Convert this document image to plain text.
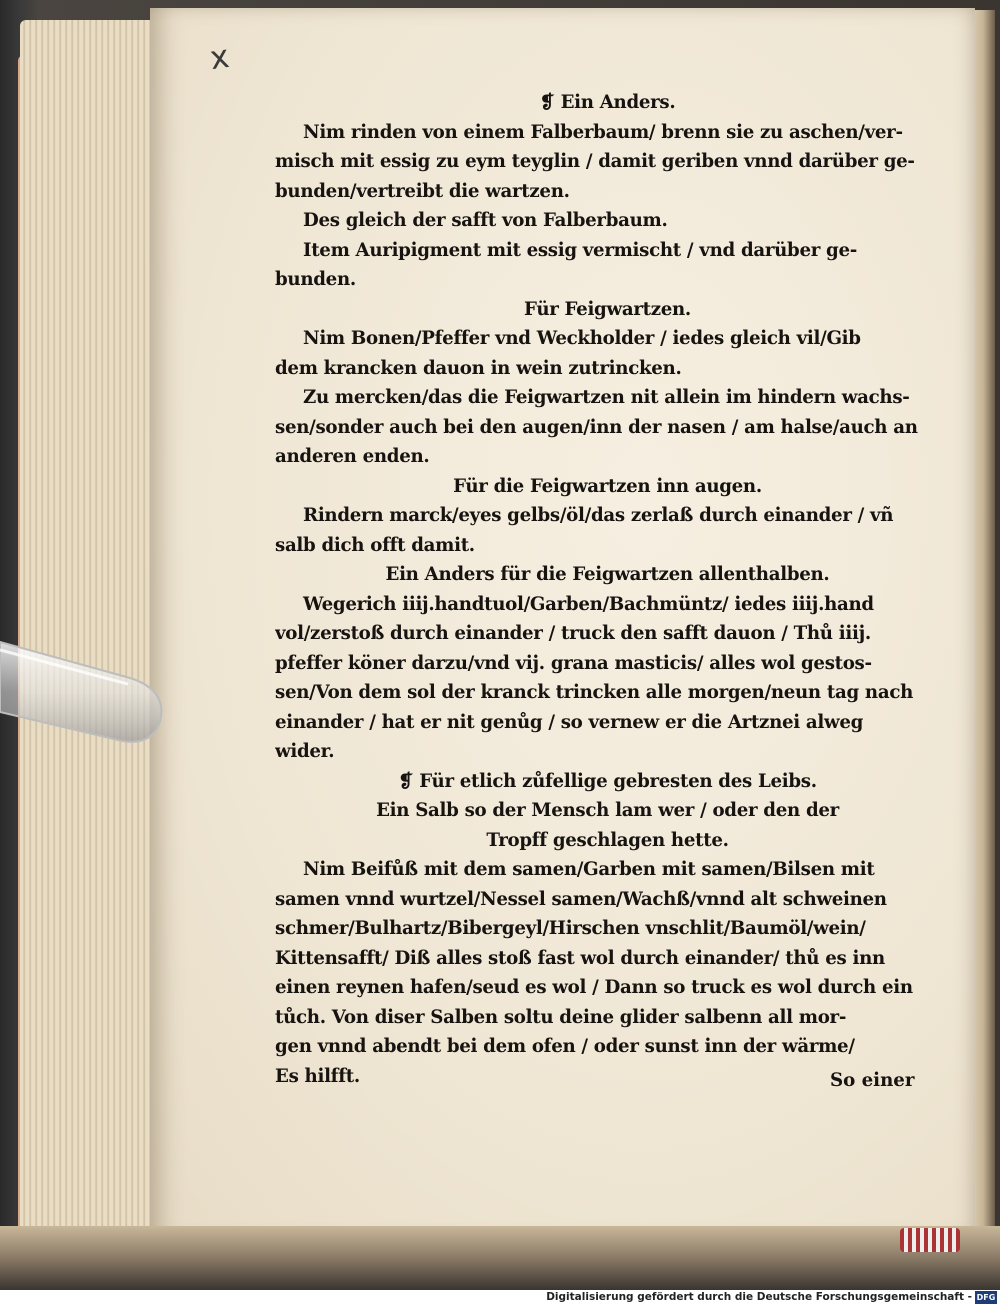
x
❡ Ein Anders.
Nim rinden von einem Falberbaum/ brenn sie zu aschen/ver-
misch mit essig zu eym teyglin / damit geriben vnnd darüber ge-
bunden/vertreibt die wartzen.
Des gleich der safft von Falberbaum.
Item Auripigment mit essig vermischt / vnd darüber ge-
bunden.
Für Feigwartzen.
Nim Bonen/Pfeffer vnd Weckholder / iedes gleich vil/Gib
dem krancken dauon in wein zutrincken.
Zu mercken/das die Feigwartzen nit allein im hindern wachs-
sen/sonder auch bei den augen/inn der nasen / am halse/auch an
anderen enden.
Für die Feigwartzen inn augen.
Rindern marck/eyes gelbs/öl/das zerlaß durch einander / vñ
salb dich offt damit.
Ein Anders für die Feigwartzen allenthalben.
Wegerich iiij.handtuol/Garben/Bachmüntz/ iedes iiij.hand
vol/zerstoß durch einander / truck den safft dauon / Thů iiij.
pfeffer köner darzu/vnd vij. grana masticis/ alles wol gestos-
sen/Von dem sol der kranck trincken alle morgen/neun tag nach
einander / hat er nit genůg / so vernew er die Artznei alweg
wider.
❡ Für etlich zůfellige gebresten des Leibs.
Ein Salb so der Mensch lam wer / oder den der
Tropff geschlagen hette.
Nim Beifůß mit dem samen/Garben mit samen/Bilsen mit
samen vnnd wurtzel/Nessel samen/Wachß/vnnd alt schweinen
schmer/Bulhartz/Bibergeyl/Hirschen vnschlit/Baumöl/wein/
Kittensafft/ Diß alles stoß fast wol durch einander/ thů es inn
einen reynen hafen/seud es wol / Dann so truck es wol durch ein
tůch. Von diser Salben soltu deine glider salbenn all mor-
gen vnnd abendt bei dem ofen / oder sunst inn der wärme/
Es hilfft.	So einer
Digitalisierung gefördert durch die Deutsche Forschungsgemeinschaft - DFG
